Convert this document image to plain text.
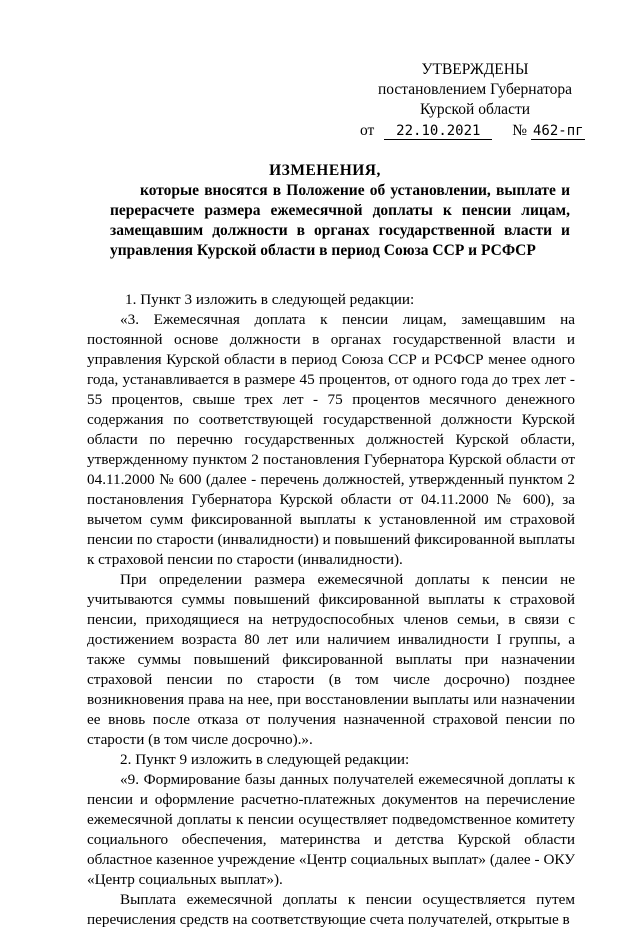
УТВЕРЖДЕНЫ
постановлением Губернатора
Курской области
от 22.10.2021 № 462-пг
ИЗМЕНЕНИЯ,
которые вносятся в Положение об установлении, выплате и перерасчете размера ежемесячной доплаты к пенсии лицам, замещавшим должности в органах государственной власти и управления Курской области в период Союза ССР и РСФСР

1. Пункт 3 изложить в следующей редакции:

«3. Ежемесячная доплата к пенсии лицам, замещавшим на постоянной основе должности в органах государственной власти и управления Курской области в период Союза ССР и РСФСР менее одного года, устанавливается в размере 45 процентов, от одного года до трех лет - 55 процентов, свыше трех лет - 75 процентов месячного денежного содержания по соответствующей государственной должности Курской области по перечню государственных должностей Курской области, утвержденному пунктом 2 постановления Губернатора Курской области от 04.11.2000 № 600 (далее - перечень должностей, утвержденный пунктом 2 постановления Губернатора Курской области от 04.11.2000 № 600), за вычетом сумм фиксированной выплаты к установленной им страховой пенсии по старости (инвалидности) и повышений фиксированной выплаты к страховой пенсии по старости (инвалидности).

При определении размера ежемесячной доплаты к пенсии не учитываются суммы повышений фиксированной выплаты к страховой пенсии, приходящиеся на нетрудоспособных членов семьи, в связи с достижением возраста 80 лет или наличием инвалидности I группы, а также суммы повышений фиксированной выплаты при назначении страховой пенсии по старости (в том числе досрочно) позднее возникновения права на нее, при восстановлении выплаты или назначении ее вновь после отказа от получения назначенной страховой пенсии по старости (в том числе досрочно).».

2. Пункт 9 изложить в следующей редакции:

«9. Формирование базы данных получателей ежемесячной доплаты к пенсии и оформление расчетно-платежных документов на перечисление ежемесячной доплаты к пенсии осуществляет подведомственное комитету социального обеспечения, материнства и детства Курской области областное казенное учреждение «Центр социальных выплат» (далее - ОКУ «Центр социальных выплат»).

Выплата ежемесячной доплаты к пенсии осуществляется путем перечисления средств на соответствующие счета получателей, открытые в
